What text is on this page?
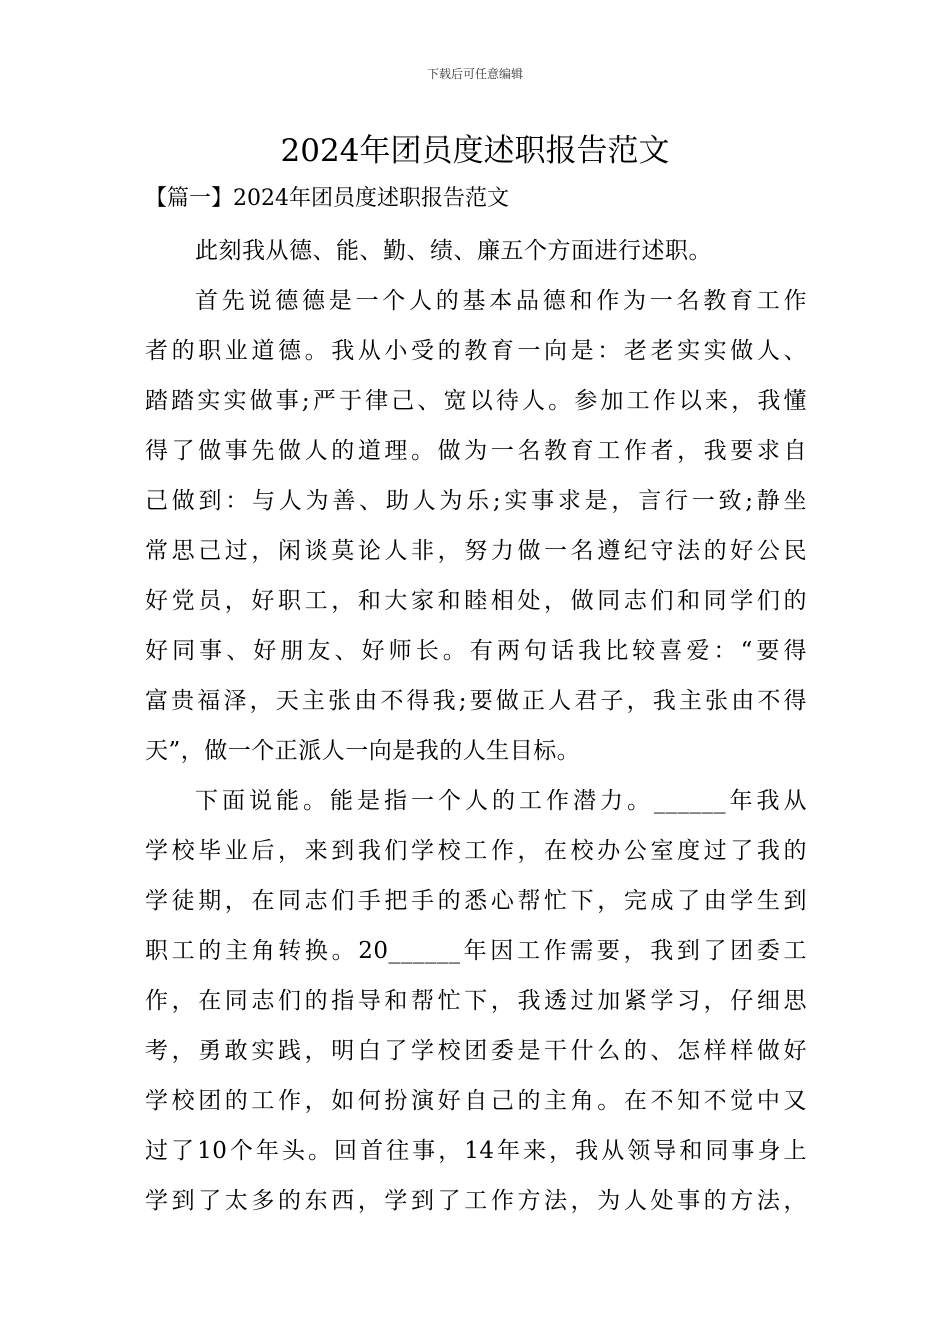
下载后可任意编辑
2024年团员度述职报告范文
【篇一】2024年团员度述职报告范文
此刻我从德、能、勤、绩、廉五个方面进行述职。
首先说德德是一个人的基本品德和作为一名教育工作
者的职业道德。我从小受的教育一向是：老老实实做人、
踏踏实实做事;严于律己、宽以待人。参加工作以来，我懂
得了做事先做人的道理。做为一名教育工作者，我要求自
己做到：与人为善、助人为乐;实事求是，言行一致;静坐
常思己过，闲谈莫论人非，努力做一名遵纪守法的好公民
好党员，好职工，和大家和睦相处，做同志们和同学们的
好同事、好朋友、好师长。有两句话我比较喜爱：“要得
富贵福泽，天主张由不得我;要做正人君子，我主张由不得
天”，做一个正派人一向是我的人生目标。
下面说能。能是指一个人的工作潜力。______年我从
学校毕业后，来到我们学校工作，在校办公室度过了我的
学徒期，在同志们手把手的悉心帮忙下，完成了由学生到
职工的主角转换。20______年因工作需要，我到了团委工
作，在同志们的指导和帮忙下，我透过加紧学习，仔细思
考，勇敢实践，明白了学校团委是干什么的、怎样样做好
学校团的工作，如何扮演好自己的主角。在不知不觉中又
过了10个年头。回首往事，14年来，我从领导和同事身上
学到了太多的东西，学到了工作方法，为人处事的方法，
